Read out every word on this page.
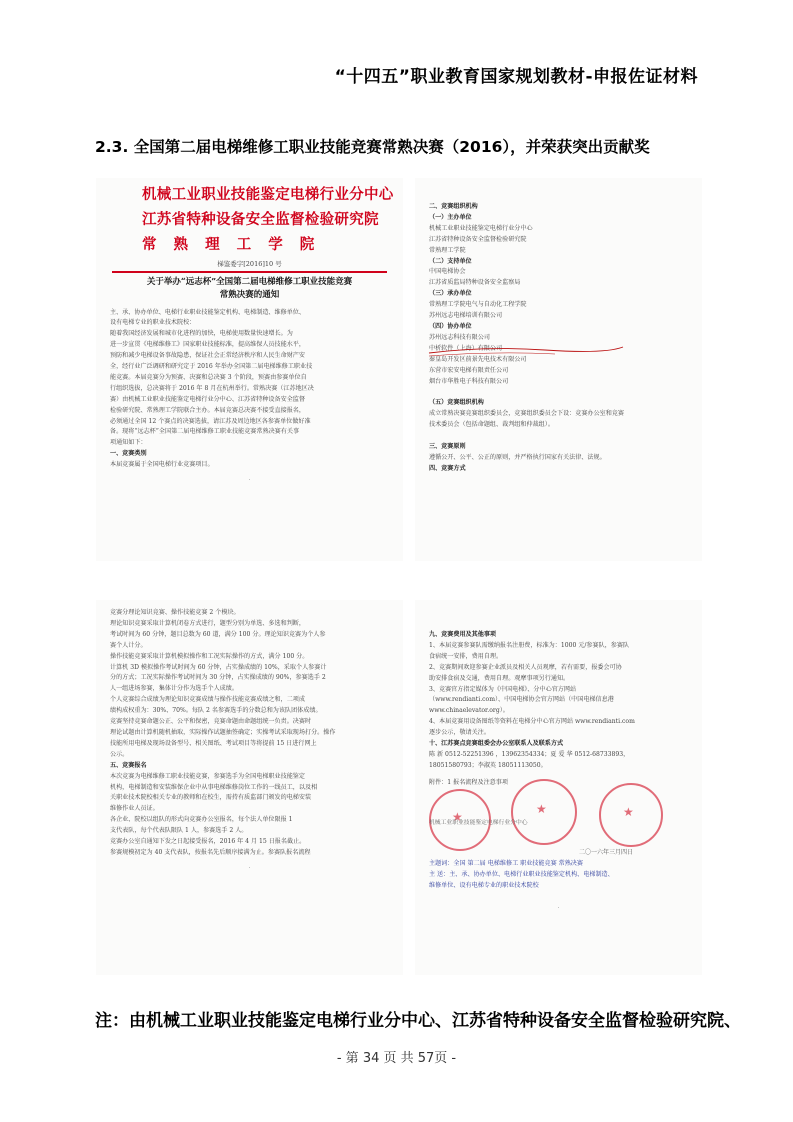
“十四五”职业教育国家规划教材-申报佐证材料
2.3. 全国第二届电梯维修工职业技能竞赛常熟决赛（2016），并荣获突出贡献奖
机械工业职业技能鉴定电梯行业分中心
江苏省特种设备安全监督检验研究院
常 熟 理 工 学 院
梯鉴委字[2016]10 号
关于举办“远志杯”全国第二届电梯维修工职业技能竞赛
常熟决赛的通知
主、承、协办单位、电梯行业职业技能鉴定机构、电梯制造、维修单位、
设有电梯专业的职业技术院校：
随着我国经济发展和城市化进程的加快，电梯使用数量快速增长。为
进一步宣贯《电梯维修工》国家职业技能标准，提高维保人员技能水平，
预防和减少电梯设备事故隐患，保证社会正常经济秩序和人民生命财产安
全，经行业广泛调研和研究定于 2016 年举办全国第二届电梯维修工职业技
能竞赛。本届竞赛分为预赛、决赛和总决赛 3 个阶段，预赛由参赛单位自
行组织选拔，总决赛将于 2016 年 8 月在杭州举行。常熟决赛（江苏地区决
赛）由机械工业职业技能鉴定电梯行业分中心、江苏省特种设备安全监督
检验研究院、常熟理工学院联合主办。本届竞赛总决赛不接受直接报名，
必须通过全国 12 个赛点的决赛选拔，请江苏及周边地区各参赛单位做好准
备。现将“远志杯”全国第二届电梯维修工职业技能竞赛常熟决赛有关事
项通知如下：
一、竞赛类别
本届竞赛属于全国电梯行业竞赛项目。
·
二、竞赛组织机构
（一）主办单位
机械工业职业技能鉴定电梯行业分中心
江苏省特种设备安全监督检验研究院
常熟理工学院
（二）支持单位
中国电梯协会
江苏省质监局特种设备安全监察局
（三）承办单位
常熟理工学院电气与自动化工程学院
苏州远志电梯培训有限公司
（四）协办单位
苏州远志科技有限公司
中析软件（上海）有限公司
秦皇岛开发区前景先电技术有限公司
东营市宏安电梯有限责任公司
烟台市华胜电子科技有限公司

（五）竞赛组织机构
成立常熟决赛竞赛组织委员会，竞赛组织委员会下设：竞赛办公室和竞赛
技术委员会（包括命题组、裁判组和仲裁组）。

三、竞赛原则
遵循公开、公平、公正的原则，并严格执行国家有关法律、法规。
四、竞赛方式
竞赛分理论知识竞赛、操作技能竞赛 2 个模块。
理论知识竞赛采取计算机闭卷方式进行，题型分别为单选、多选和判断，
考试时间为 60 分钟，题目总数为 60 道，满分 100 分。理论知识竞赛为个人参
赛个人计分。
操作技能竞赛采取计算机模拟操作和工况实际操作的方式，满分 100 分。
计算机 3D 模拟操作考试时间为 60 分钟，占实操成绩的 10%，采取个人参赛计
分的方式；工况实际操作考试时间为 30 分钟，占实操成绩的 90%，参赛选手 2
人一组进场参赛，集体计分作为选手个人成绩。
个人竞赛综合成绩为理论知识竞赛成绩与操作技能竞赛成绩之和，二项成
绩构成权重为：30%、70%。每队 2 名参赛选手的分数总和为该队团体成绩。
竞赛坚持竞赛命题公正、公平和保密，竞赛命题由命题组统一负责。决赛时
理论试题由计算机随机抽取，实际操作试题抽签确定；实操考试采取现场打分。操作
技能所用电梯及现场设备型号、相关图纸、考试项目等将提前 15 日进行网上
公示。
五、竞赛报名
本次竞赛为电梯维修工职业技能竞赛，参赛选手为全国电梯职业技能鉴定
机构，电梯制造和安装维保企业中从事电梯维修岗位工作的一线员工，以及相
关职业技术院校相关专业的教师和在校生，需持有质监部门颁发的电梯安装
维修作业人员证。
各企业、院校以组队的形式向竞赛办公室报名，每个法人单位限报 1
支代表队，每个代表队限队 1 人，参赛选手 2 人。
竞赛办公室自通知下发之日起接受报名，2016 年 4 月 15 日报名截止。
参赛规模初定为 40 支代表队，按报名先后顺序接满为止。参赛队报名流程
·
九、竞赛费用及其他事项
1、本届竞赛参赛队需缴纳报名注册费，标准为：1000 元/参赛队，参赛队
食宿统一安排，费用自理。
2、竞赛期间欢迎参赛企业派员及相关人员观摩，若有需要，报委会可协
助安排食宿及交通，费用自理。观摩事项另行通知。
3、竞赛官方指定媒体为《中国电梯》、分中心官方网站
（www.rendianti.com）、中国电梯协会官方网站（中国电梯信息港
www.chinaelevator.org）。
4、本届竞赛用设备图纸等资料在电梯分中心官方网站 www.rendianti.com
逐步公示，敬请关注。
十、江苏赛点竞赛组委会办公室联系人及联系方式
陈 新 0512-52251396 ，13962354334；夏 爱 华 0512-68733893，
18051580793；李淑英 18051113050。
附件：1 报名流程及注意事项
★
★	★
机械工业职业技能鉴定电梯行业分中心
二〇一六年三月四日
主题词：全国 第二届 电梯维修工 职业技能竞赛 常熟决赛
主 送：主、承、协办单位、电梯行业职业技能鉴定机构、电梯制造、
维修单位、设有电梯专业的职业技术院校
·
注：由机械工业职业技能鉴定电梯行业分中心、江苏省特种设备安全监督检验研究院、
- 第 34 页 共 57页 -
